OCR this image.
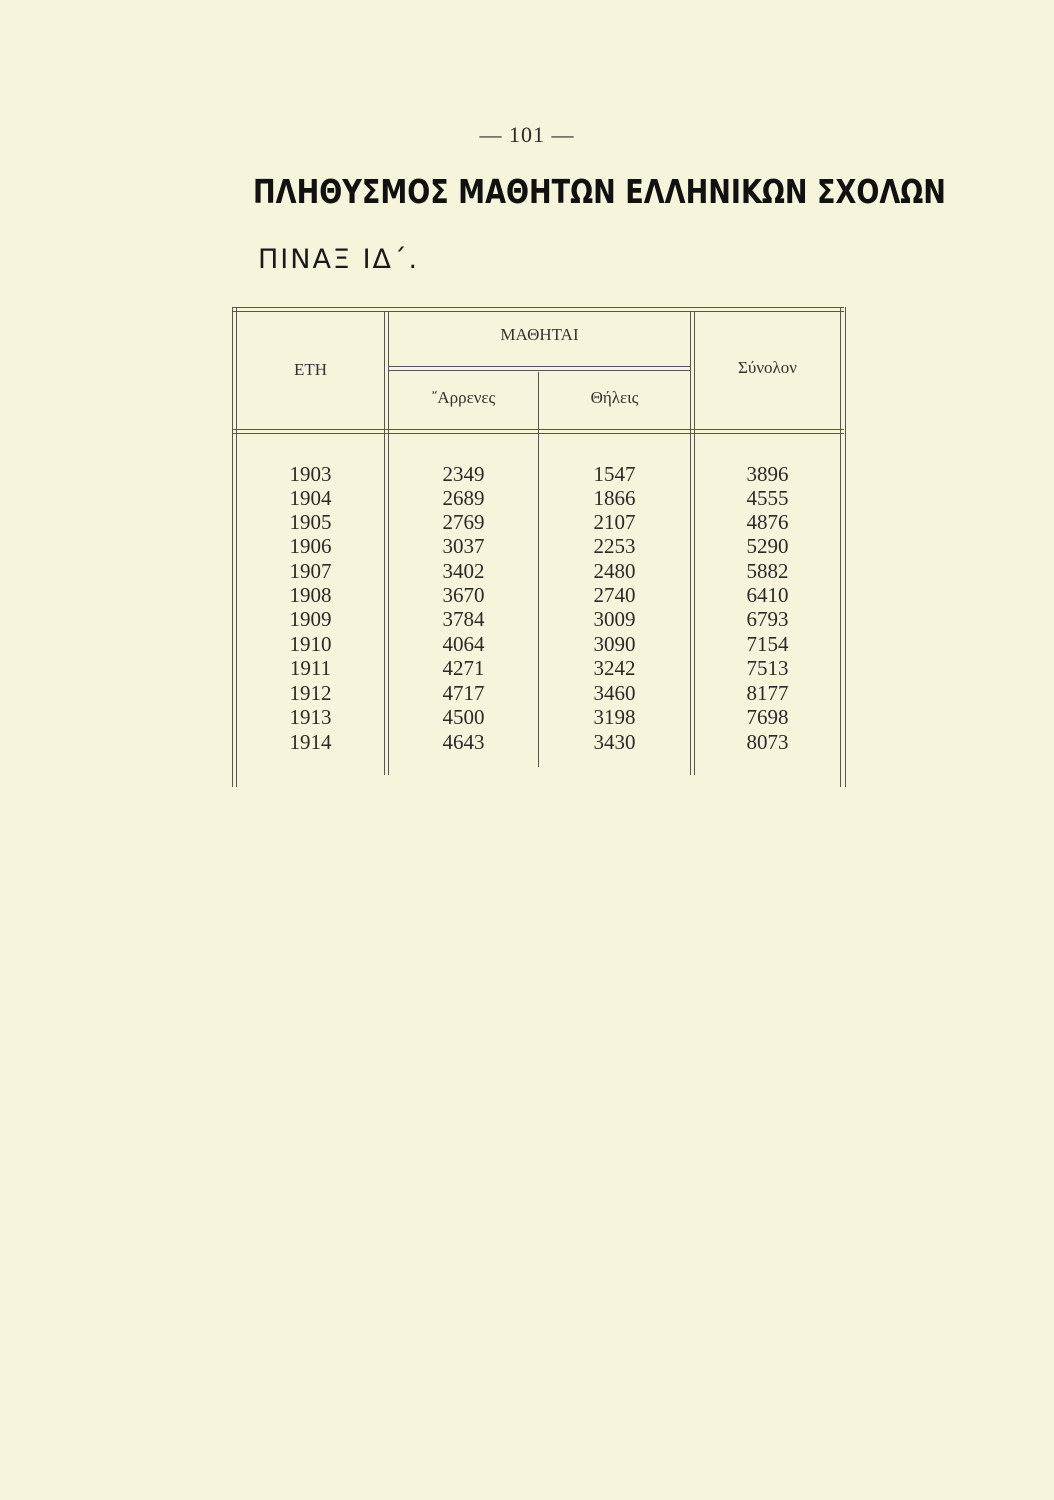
— 101 —
ΠΛΗΘΥΣΜΟΣ ΜΑΘΗΤΩΝ ΕΛΛΗΝΙΚΩΝ ΣΧΟΛΩΝ
ΠΙΝΑΞ ΙΔ΄.
ΕΤΗ
ΜΑΘΗΤΑΙ
῎Αρρενες	Θήλεις
Σύνολον
1903	2349	1547	3896
1904	2689	1866	4555
1905	2769	2107	4876
1906	3037	2253	5290
1907	3402	2480	5882
1908	3670	2740	6410
1909	3784	3009	6793
1910	4064	3090	7154
1911	4271	3242	7513
1912	4717	3460	8177
1913	4500	3198	7698
1914	4643	3430	8073
